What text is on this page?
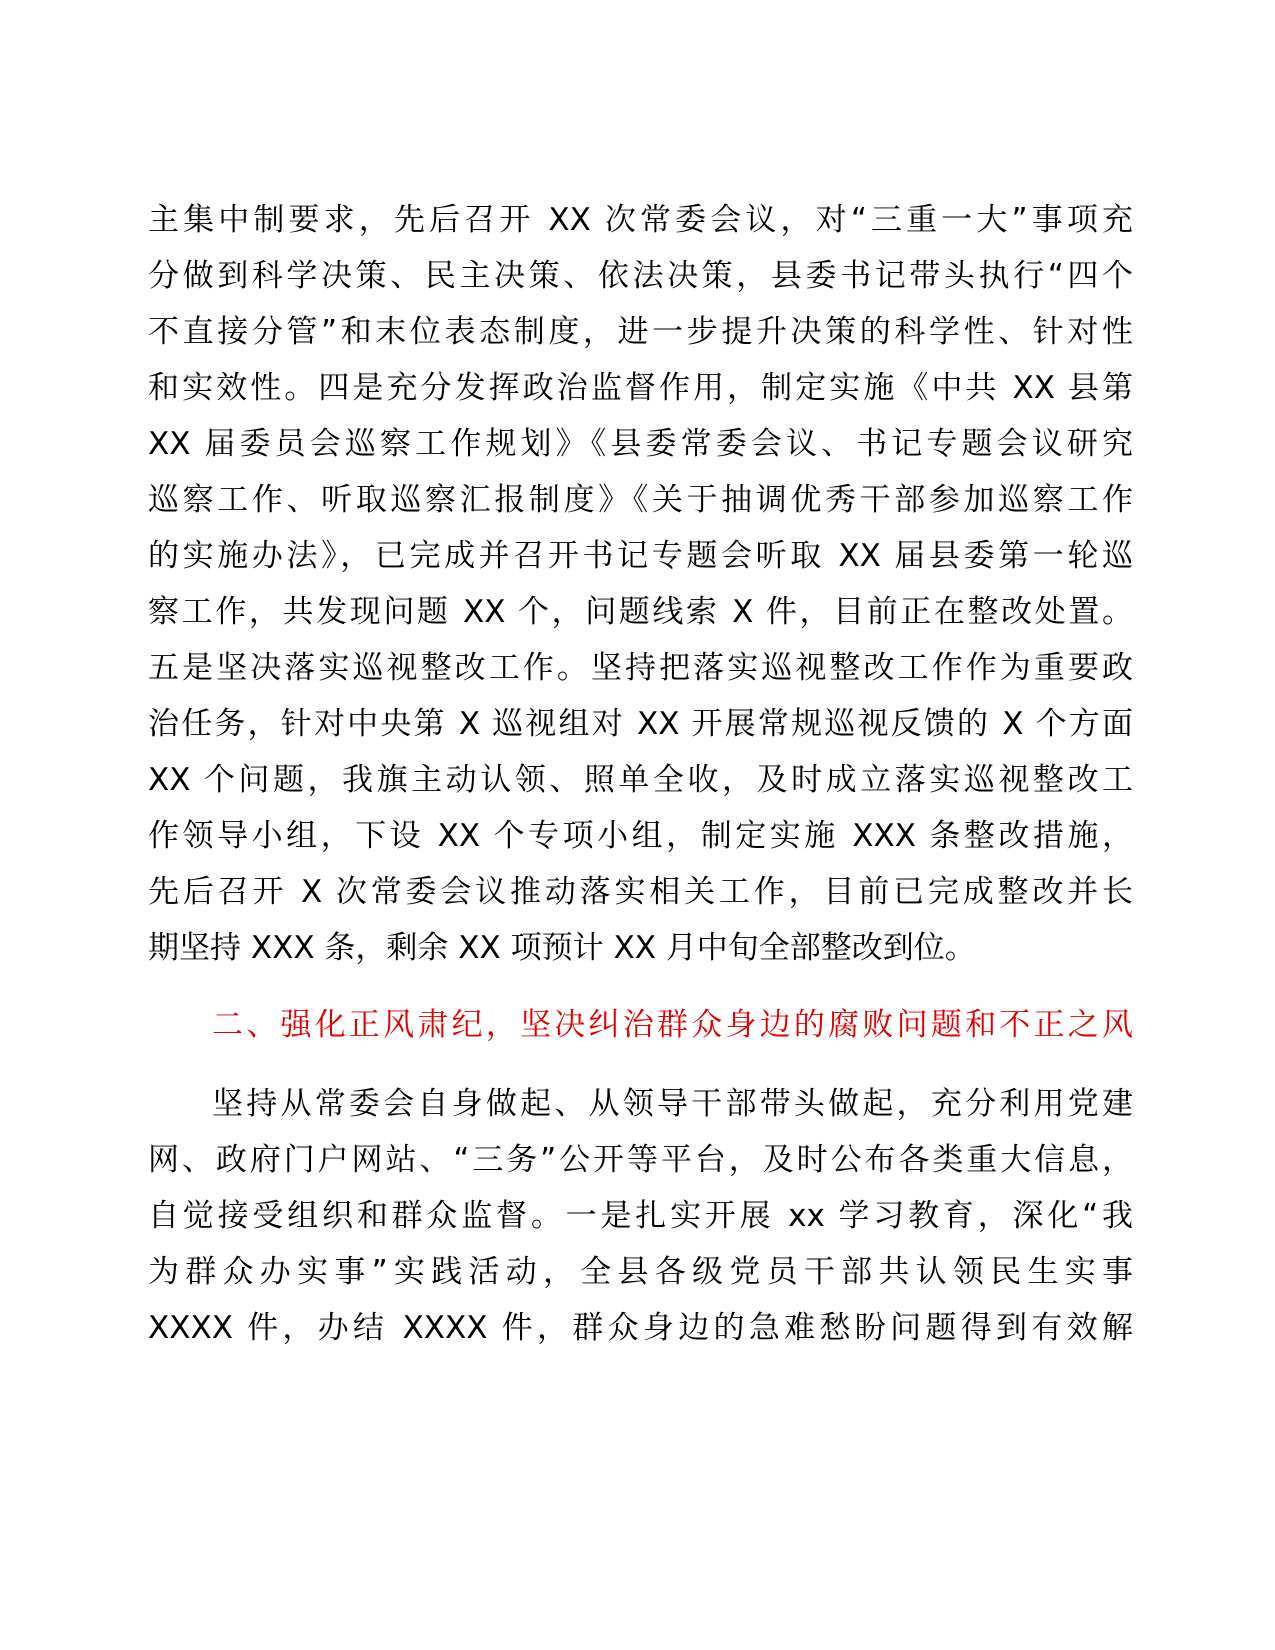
主集中制要求，先后召开 XX 次常委会议，对“三重一大”事项充
分做到科学决策、民主决策、依法决策，县委书记带头执行“四个
不直接分管”和末位表态制度，进一步提升决策的科学性、针对性
和实效性。四是充分发挥政治监督作用，制定实施《中共 XX 县第
XX 届委员会巡察工作规划》《县委常委会议、书记专题会议研究
巡察工作、听取巡察汇报制度》《关于抽调优秀干部参加巡察工作
的实施办法》，已完成并召开书记专题会听取 XX 届县委第一轮巡
察工作，共发现问题 XX 个，问题线索 X 件，目前正在整改处置。
五是坚决落实巡视整改工作。坚持把落实巡视整改工作作为重要政
治任务，针对中央第 X 巡视组对 XX 开展常规巡视反馈的 X 个方面
XX 个问题，我旗主动认领、照单全收，及时成立落实巡视整改工
作领导小组，下设 XX 个专项小组，制定实施 XXX 条整改措施，
先后召开 X 次常委会议推动落实相关工作，目前已完成整改并长
期坚持 XXX 条，剩余 XX 项预计 XX 月中旬全部整改到位。
二、强化正风肃纪，坚决纠治群众身边的腐败问题和不正之风
坚持从常委会自身做起、从领导干部带头做起，充分利用党建
网、政府门户网站、“三务”公开等平台，及时公布各类重大信息，
自觉接受组织和群众监督。一是扎实开展 xx 学习教育，深化“我
为群众办实事”实践活动，全县各级党员干部共认领民生实事
XXXX 件，办结 XXXX 件，群众身边的急难愁盼问题得到有效解
